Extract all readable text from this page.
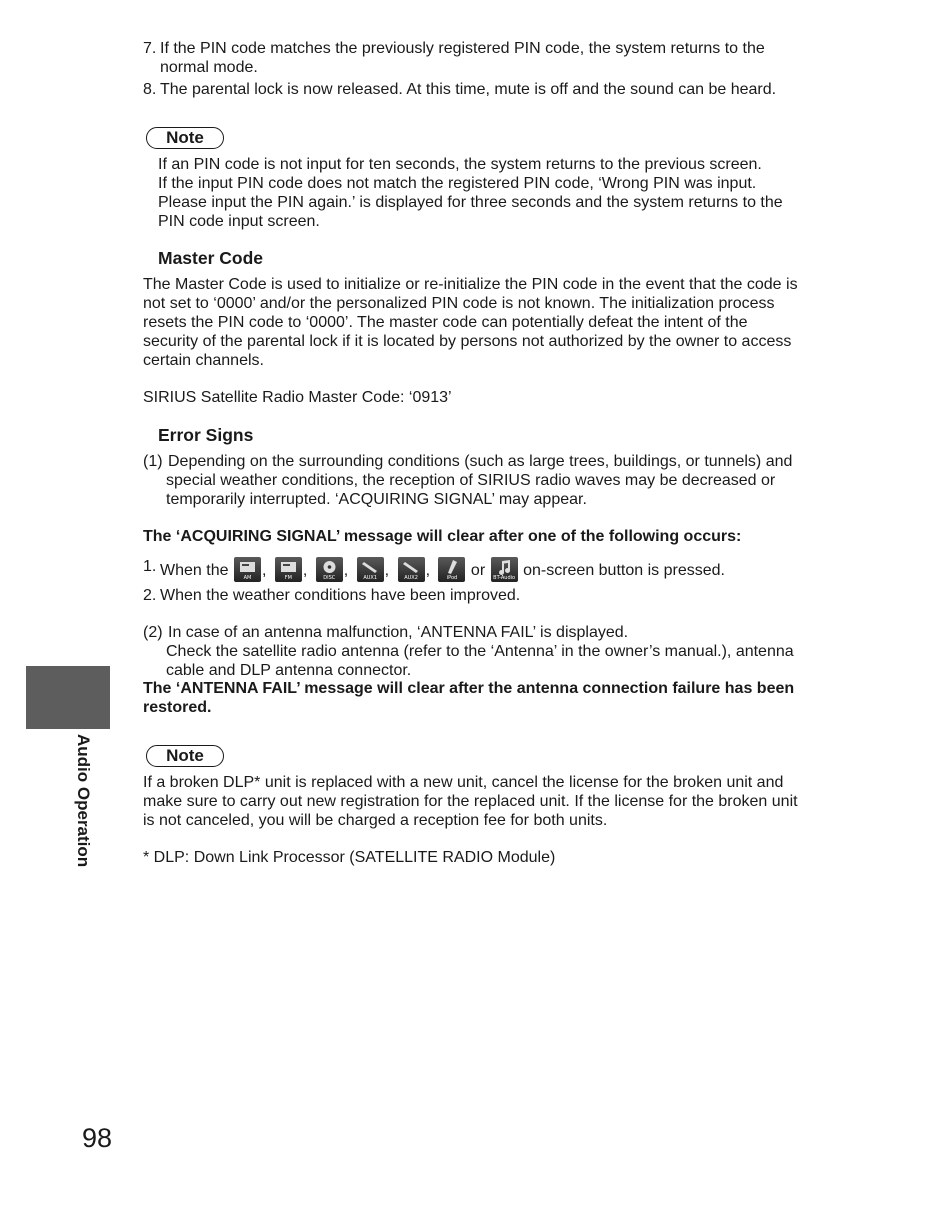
7. If the PIN code matches the previously registered PIN code, the system returns to the
normal mode.
8. The parental lock is now released. At this time, mute is off and the sound can be heard.
Note
If an PIN code is not input for ten seconds, the system returns to the previous screen.
If the input PIN code does not match the registered PIN code, ‘Wrong PIN was input.
Please input the PIN again.’ is displayed for three seconds and the system returns to the
PIN code input screen.
Master Code
The Master Code is used to initialize or re-initialize the PIN code in the event that the code is
not set to ‘0000’ and/or the personalized PIN code is not known. The initialization process
resets the PIN code to ‘0000’. The master code can potentially defeat the intent of the
security of the parental lock if it is located by persons not authorized by the owner to access
certain channels.
SIRIUS Satellite Radio Master Code: ‘0913’
Error Signs
(1) Depending on the surrounding conditions (such as large trees, buildings, or tunnels) and
special weather conditions, the reception of SIRIUS radio waves may be decreased or
temporarily interrupted. ‘ACQUIRING SIGNAL’ may appear.
The ‘ACQUIRING SIGNAL’ message will clear after one of the following occurs:
1. When the	AM ,	FM ,	DISC ,	AUX1 ,	AUX2 ,	iPod or	BT-Audio on-screen button is pressed.
2. When the weather conditions have been improved.
(2) In case of an antenna malfunction, ‘ANTENNA FAIL’ is displayed.
Check the satellite radio antenna (refer to the ‘Antenna’ in the owner’s manual.), antenna
cable and DLP antenna connector.
The ‘ANTENNA FAIL’ message will clear after the antenna connection failure has been
restored.
Note
If a broken DLP* unit is replaced with a new unit, cancel the license for the broken unit and
make sure to carry out new registration for the replaced unit. If the license for the broken unit
is not canceled, you will be charged a reception fee for both units.
* DLP: Down Link Processor (SATELLITE RADIO Module)
Audio Operation
98
